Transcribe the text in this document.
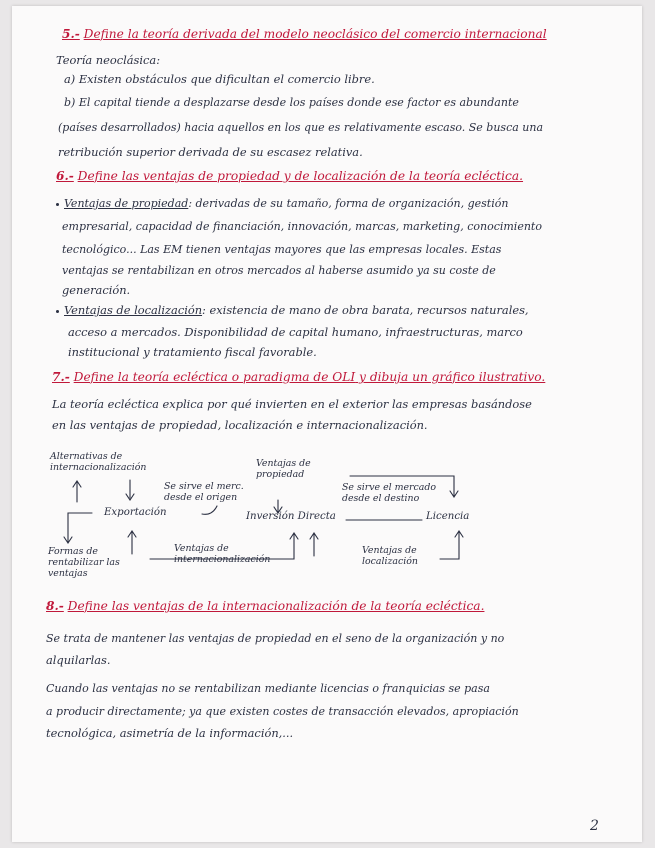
5.- Define la teoría derivada del modelo neoclásico del comercio internacional
Teoría neoclásica:
a) Existen obstáculos que dificultan el comercio libre.
b) El capital tiende a desplazarse desde los países donde ese factor es abundante
(países desarrollados) hacia aquellos en los que es relativamente escaso. Se busca una
retribución superior derivada de su escasez relativa.
6.- Define las ventajas de propiedad y de localización de la teoría ecléctica.
Ventajas de propiedad: derivadas de su tamaño, forma de organización, gestión
empresarial, capacidad de financiación, innovación, marcas, marketing, conocimiento
tecnológico... Las EM tienen ventajas mayores que las empresas locales. Estas
ventajas se rentabilizan en otros mercados al haberse asumido ya su coste de
generación.
Ventajas de localización: existencia de mano de obra barata, recursos naturales,
acceso a mercados. Disponibilidad de capital humano, infraestructuras, marco
institucional y tratamiento fiscal favorable.
7.- Define la teoría ecléctica o paradigma de OLI y dibuja un gráfico ilustrativo.
La teoría ecléctica explica por qué invierten en el exterior las empresas basándose
en las ventajas de propiedad, localización e internacionalización.
Alternativas de
internacionalización	Ventajas de
propiedad
Se sirve el merc.
desde el origen
Se sirve el mercado
desde el destino
Exportación	Inversión Directa	Licencia
Formas de
rentabilizar las
ventajas
Ventajas de
internacionalización
Ventajas de
localización
8.- Define las ventajas de la internacionalización de la teoría ecléctica.
Se trata de mantener las ventajas de propiedad en el seno de la organización y no
alquilarlas.
Cuando las ventajas no se rentabilizan mediante licencias o franquicias se pasa
a producir directamente; ya que existen costes de transacción elevados, apropiación
tecnológica, asimetría de la información,...
2
